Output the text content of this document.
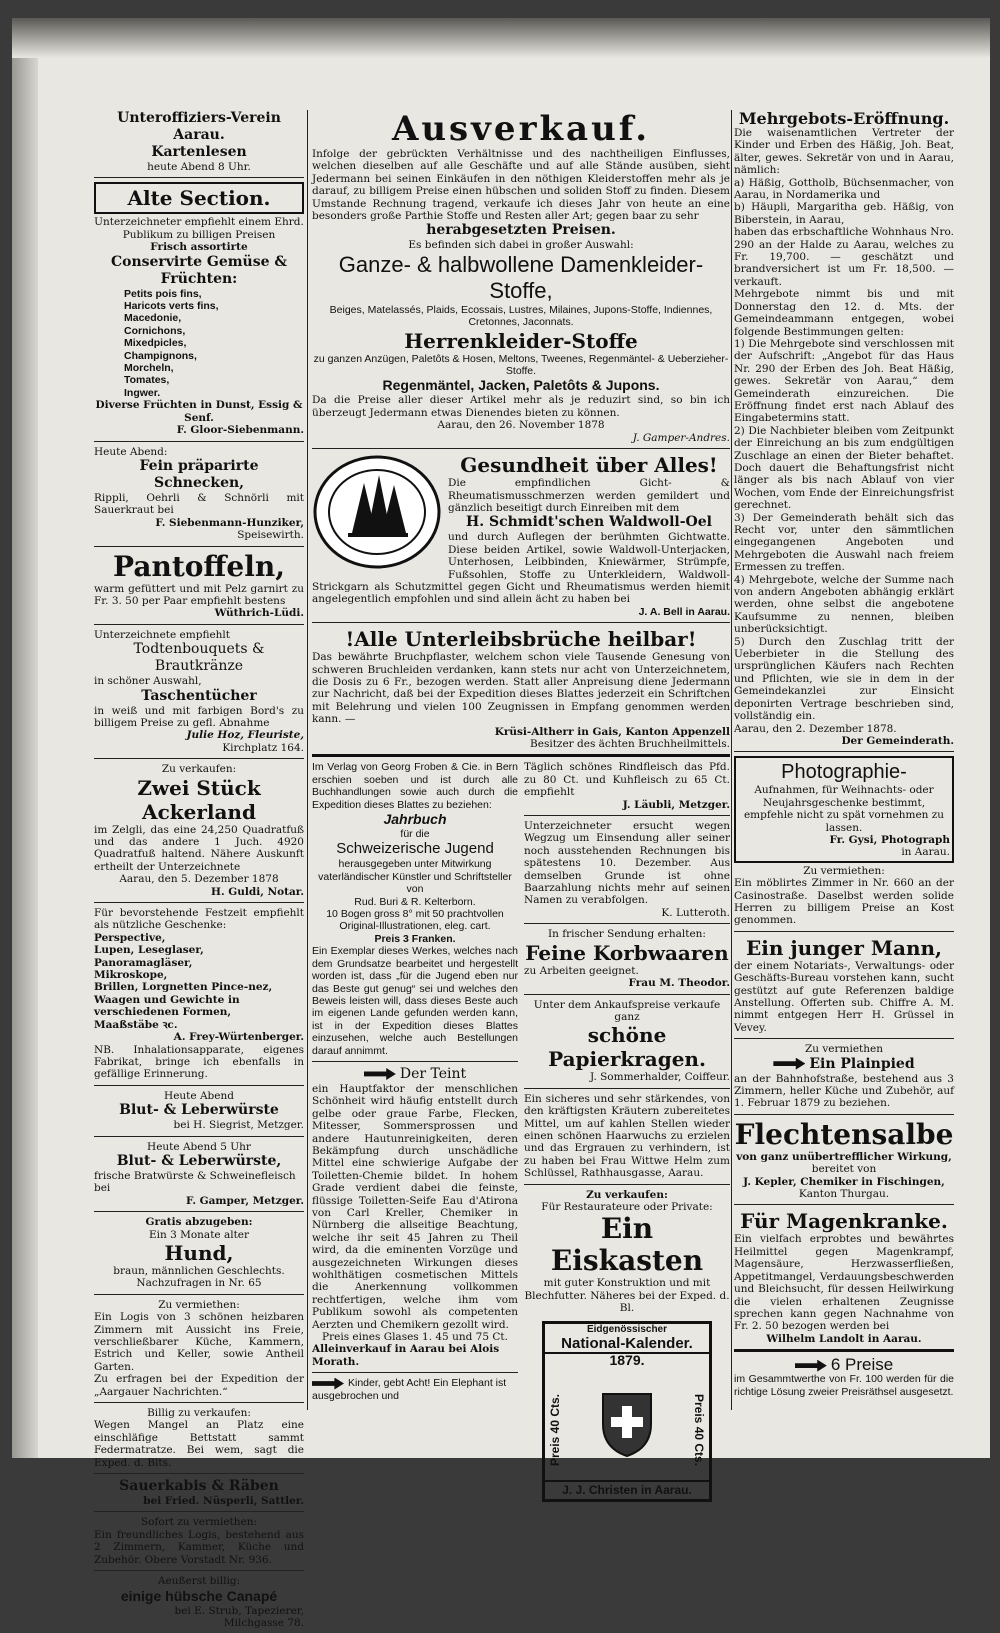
Unteroffiziers-Verein Aarau.
Kartenlesen
heute Abend 8 Uhr.
Alte Section.
Unterzeichneter empfiehlt einem Ehrd. Publikum zu billigen Preisen
Frisch assortirte
Conservirte Gemüse & Früchten:
Petits pois fins,
Haricots verts fins,
Macedonie,
Cornichons,
Mixedpicles,
Champignons,
Morcheln,
Tomates,
Ingwer.
Diverse Früchten in Dunst, Essig & Senf.
F. Gloor-Siebenmann.
Heute Abend:
Fein präparirte Schnecken,
Rippli, Oehrli & Schnörli mit Sauerkraut bei
F. Siebenmann-Hunziker,
Speisewirth.
Pantoffeln,
warm gefüttert und mit Pelz garnirt zu Fr. 3. 50 per Paar empfiehlt bestens
Wüthrich-Lüdi.
Unterzeichnete empfiehlt
Todtenbouquets & Brautkränze
in schöner Auswahl,
Taschentücher
in weiß und mit farbigen Bord's zu billigem Preise zu gefl. Abnahme
Julie Hoz, Fleuriste,
Kirchplatz 164.
Zu verkaufen:
Zwei Stück Ackerland
im Zelgli, das eine 24,250 Quadratfuß und das andere 1 Juch. 4920 Quadratfuß haltend. Nähere Auskunft ertheilt der Unterzeichnete
Aarau, den 5. Dezember 1878
H. Guldi, Notar.
Für bevorstehende Festzeit empfiehlt als nützliche Geschenke:
Perspective,
Lupen, Leseglaser,
Panoramagläser,
Mikroskope,
Brillen, Lorgnetten Pince-nez,
Waagen und Gewichte in verschiedenen Formen,
Maaßstäbe ꝛc.
A. Frey-Würtenberger.
NB. Inhalationsapparate, eigenes Fabrikat, bringe ich ebenfalls in gefällige Erinnerung.
Heute Abend
Blut- & Leberwürste
bei H. Siegrist, Metzger.
Heute Abend 5 Uhr
Blut- & Leberwürste,
frische Bratwürste & Schweinefleisch bei
F. Gamper, Metzger.
Gratis abzugeben:
Ein 3 Monate alter
Hund,
braun, männlichen Geschlechts. Nachzufragen in Nr. 65
Zu vermiethen:
Ein Logis von 3 schönen heizbaren Zimmern mit Aussicht ins Freie, verschließbarer Küche, Kammern, Estrich und Keller, sowie Antheil Garten.
Zu erfragen bei der Expedition der „Aargauer Nachrichten.“
Billig zu verkaufen:
Wegen Mangel an Platz eine einschläfige Bettstatt sammt Federmatratze. Bei wem, sagt die Exped. d. Blts.
Sauerkabis & Räben
bei Fried. Nüsperli, Sattler.
Sofort zu vermiethen:
Ein freundliches Logis, bestehend aus 2 Zimmern, Kammer, Küche und Zubehör. Obere Vorstadt Nr. 936.
Aeußerst billig:
einige hübsche Canapé
bei E. Strub, Tapezierer,
Milchgasse 78.
Ausverkauf.
Infolge der gebrückten Verhältnisse und des nachtheiligen Einflusses, welchen dieselben auf alle Geschäfte und auf alle Stände ausüben, sieht Jedermann bei seinen Einkäufen in den nöthigen Kleiderstoffen mehr als je darauf, zu billigem Preise einen hübschen und soliden Stoff zu finden. Diesem Umstande Rechnung tragend, verkaufe ich dieses Jahr von heute an eine besonders große Parthie Stoffe und Resten aller Art; gegen baar zu sehr
herabgesetzten Preisen.
Es befinden sich dabei in großer Auswahl:
Ganze- & halbwollene Damenkleider-Stoffe,
Beiges, Matelassés, Plaids, Ecossais, Lustres, Milaines, Jupons-Stoffe, Indiennes, Cretonnes, Jaconnats.
Herrenkleider-Stoffe
zu ganzen Anzügen, Paletôts & Hosen, Meltons, Tweenes, Regenmäntel- & Ueberzieher-Stoffe.
Regenmäntel, Jacken, Paletôts & Jupons.
Da die Preise aller dieser Artikel mehr als je reduzirt sind, so bin ich überzeugt Jedermann etwas Dienendes bieten zu können.
Aarau, den 26. November 1878
J. Gamper-Andres.
Gesundheit über Alles!
Die empfindlichen Gicht- & Rheumatismusschmerzen werden gemildert und gänzlich beseitigt durch Einreiben mit dem
H. Schmidt'schen Waldwoll-Oel
und durch Auflegen der berühmten Gichtwatte. Diese beiden Artikel, sowie Waldwoll-Unterjacken, Unterhosen, Leibbinden, Kniewärmer, Strümpfe, Fußsohlen, Stoffe zu Unterkleidern, Waldwoll-Strickgarn als Schutzmittel gegen Gicht und Rheumatismus werden hiemit angelegentlich empfohlen und sind allein ächt zu haben bei
J. A. Bell in Aarau.
!Alle Unterleibsbrüche heilbar!
Das bewährte Bruchpflaster, welchem schon viele Tausende Genesung von schweren Bruchleiden verdanken, kann stets nur acht von Unterzeichnetem, die Dosis zu 6 Fr., bezogen werden. Statt aller Anpreisung diene Jedermann zur Nachricht, daß bei der Expedition dieses Blattes jederzeit ein Schriftchen mit Belehrung und vielen 100 Zeugnissen in Empfang genommen werden kann. —
Krüsi-Altherr in Gais, Kanton Appenzell
Besitzer des ächten Bruchheilmittels.
Im Verlag von Georg Froben & Cie. in Bern erschien soeben und ist durch alle Buchhandlungen sowie auch durch die Expedition dieses Blattes zu beziehen:
Jahrbuch
für die
Schweizerische Jugend
herausgegeben unter Mitwirkung vaterländischer Künstler und Schriftsteller
von
Rud. Buri & R. Kelterborn.
10 Bogen gross 8° mit 50 prachtvollen Original-Illustrationen, eleg. cart.
Preis 3 Franken.
Ein Exemplar dieses Werkes, welches nach dem Grundsatze bearbeitet und hergestellt worden ist, dass „für die Jugend eben nur das Beste gut genug“ sei und welches den Beweis leisten will, dass dieses Beste auch im eigenen Lande gefunden werden kann, ist in der Expedition dieses Blattes einzusehen, welche auch Bestellungen darauf annimmt.
Der Teint
ein Hauptfaktor der menschlichen Schönheit wird häufig entstellt durch gelbe oder graue Farbe, Flecken, Mitesser, Sommersprossen und andere Hautunreinigkeiten, deren Bekämpfung durch unschädliche Mittel eine schwierige Aufgabe der Toiletten-Chemie bildet. In hohem Grade verdient dabei die feinste, flüssige Toiletten-Seife Eau d'Atirona von Carl Kreller, Chemiker in Nürnberg die allseitige Beachtung, welche ihr seit 45 Jahren zu Theil wird, da die eminenten Vorzüge und ausgezeichneten Wirkungen dieses wohlthätigen cosmetischen Mittels die Anerkennung vollkommen rechtfertigen, welche ihm vom Publikum sowohl als competenten Aerzten und Chemikern gezollt wird.
Preis eines Glases 1. 45 und 75 Ct.
Alleinverkauf in Aarau bei Alois Morath.
Kinder, gebt Acht! Ein Elephant ist ausgebrochen und
Täglich schönes Rindfleisch das Pfd. zu 80 Ct. und Kuhfleisch zu 65 Ct. empfiehlt
J. Läubli, Metzger.
Unterzeichneter ersucht wegen Wegzug um Einsendung aller seiner noch ausstehenden Rechnungen bis spätestens 10. Dezember. Aus demselben Grunde ist ohne Baarzahlung nichts mehr auf seinen Namen zu verabfolgen.
K. Lutteroth.
In frischer Sendung erhalten:
Feine Korbwaaren
zu Arbeiten geeignet.
Frau M. Theodor.
Unter dem Ankaufspreise verkaufe ganz
schöne Papierkragen.
J. Sommerhalder, Coiffeur.
Ein sicheres und sehr stärkendes, von den kräftigsten Kräutern zubereitetes Mittel, um auf kahlen Stellen wieder einen schönen Haarwuchs zu erzielen und das Ergrauen zu verhindern, ist zu haben bei Frau Wittwe Helm zum Schlüssel, Rathhausgasse, Aarau.
Zu verkaufen:
Für Restaurateure oder Private:
Ein Eiskasten
mit guter Konstruktion und mit Blechfutter. Näheres bei der Exped. d. Bl.
Eidgenössischer
National-Kalender.
1879.
Preis 40 Cts.	Preis 40 Cts.
J. J. Christen in Aarau.
Mehrgebots-Eröffnung.
Die waisenamtlichen Vertreter der Kinder und Erben des Häßig, Joh. Beat, älter, gewes. Sekretär von und in Aarau, nämlich:
a) Häßig, Gottholb, Büchsenmacher, von Aarau, in Nordamerika und
b) Häupli, Margaritha geb. Häßig, von Biberstein, in Aarau,
haben das erbschaftliche Wohnhaus Nro. 290 an der Halde zu Aarau, welches zu Fr. 19,700. — geschätzt und brandversichert ist um Fr. 18,500. — verkauft.
Mehrgebote nimmt bis und mit Donnerstag den 12. d. Mts. der Gemeindeammann entgegen, wobei folgende Bestimmungen gelten:
1) Die Mehrgebote sind verschlossen mit der Aufschrift: „Angebot für das Haus Nr. 290 der Erben des Joh. Beat Häßig, gewes. Sekretär von Aarau,“ dem Gemeinderath einzureichen. Die Eröffnung findet erst nach Ablauf des Eingabetermins statt.
2) Die Nachbieter bleiben vom Zeitpunkt der Einreichung an bis zum endgültigen Zuschlage an einen der Bieter behaftet. Doch dauert die Behaftungsfrist nicht länger als bis nach Ablauf von vier Wochen, vom Ende der Einreichungsfrist gerechnet.
3) Der Gemeinderath behält sich das Recht vor, unter den sämmtlichen eingegangenen Angeboten und Mehrgeboten die Auswahl nach freiem Ermessen zu treffen.
4) Mehrgebote, welche der Summe nach von andern Angeboten abhängig erklärt werden, ohne selbst die angebotene Kaufsumme zu nennen, bleiben unberücksichtigt.
5) Durch den Zuschlag tritt der Ueberbieter in die Stellung des ursprünglichen Käufers nach Rechten und Pflichten, wie sie in dem in der Gemeindekanzlei zur Einsicht deponirten Vertrage beschrieben sind, vollständig ein.
Aarau, den 2. Dezember 1878.
Der Gemeinderath.
Photographie-
Aufnahmen, für Weihnachts- oder Neujahrsgeschenke bestimmt, empfehle nicht zu spät vornehmen zu lassen.
Fr. Gysi, Photograph
in Aarau.
Zu vermiethen:
Ein möblirtes Zimmer in Nr. 660 an der Casinostraße. Daselbst werden solide Herren zu billigem Preise an Kost genommen.
Ein junger Mann,
der einem Notariats-, Verwaltungs- oder Geschäfts-Bureau vorstehen kann, sucht gestützt auf gute Referenzen baldige Anstellung. Offerten sub. Chiffre A. M. nimmt entgegen Herr H. Grüssel in Vevey.
Zu vermiethen
Ein Plainpied
an der Bahnhofstraße, bestehend aus 3 Zimmern, heller Küche und Zubehör, auf 1. Februar 1879 zu beziehen.
Flechtensalbe
von ganz unübertrefflicher Wirkung,
bereitet von
J. Kepler, Chemiker in Fischingen,
Kanton Thurgau.
Für Magenkranke.
Ein vielfach erprobtes und bewährtes Heilmittel gegen Magenkrampf, Magensäure, Herzwasserfließen, Appetitmangel, Verdauungsbeschwerden und Bleichsucht, für dessen Heilwirkung die vielen erhaltenen Zeugnisse sprechen kann gegen Nachnahme von Fr. 2. 50 bezogen werden bei
Wilhelm Landolt in Aarau.
6 Preise
im Gesammtwerthe von Fr. 100 werden für die richtige Lösung zweier Preisräthsel ausgesetzt.
